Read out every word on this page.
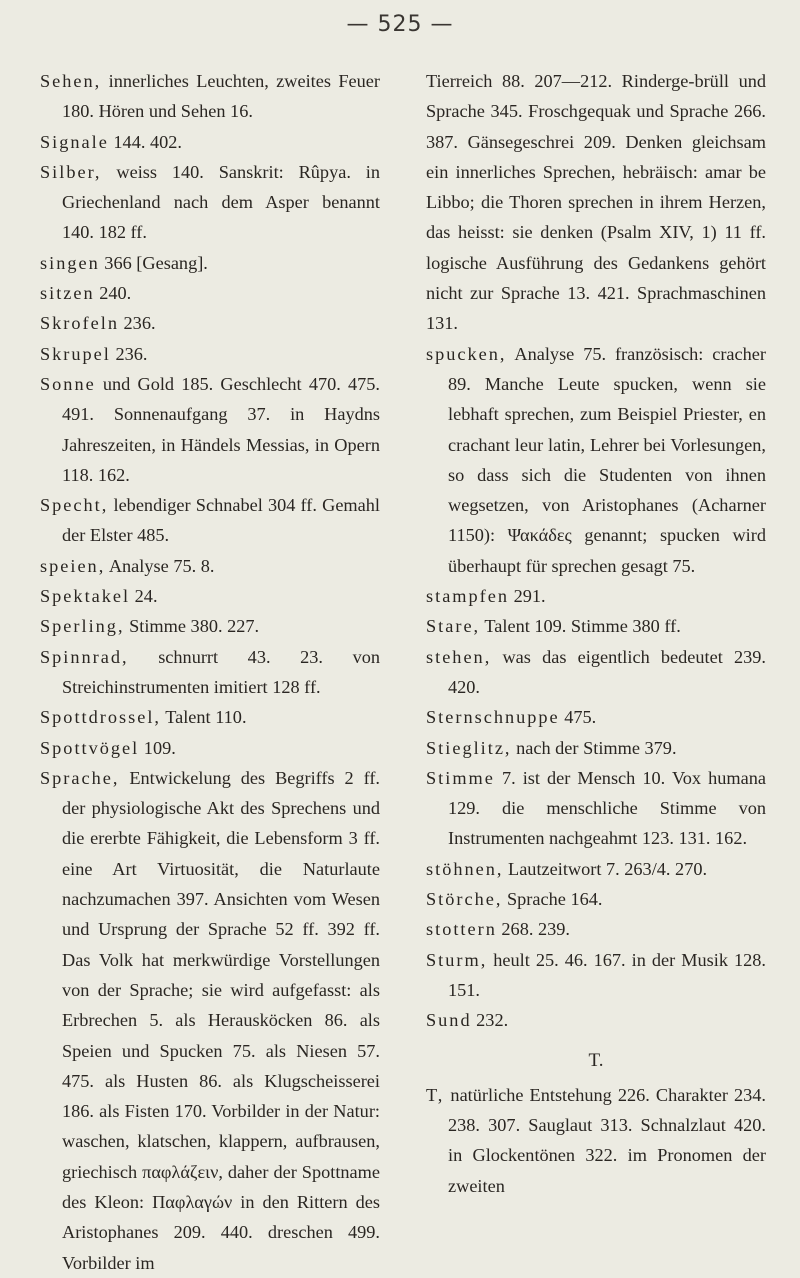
— 525 —

Sehen, innerliches Leuchten, zweites Feuer 180. Hören und Sehen 16.

Signale 144. 402.

Silber, weiss 140. Sanskrit: Rûpya. in Griechenland nach dem Asper benannt 140. 182 ff.

singen 366 [Gesang].

sitzen 240.

Skrofeln 236.

Skrupel 236.

Sonne und Gold 185. Geschlecht 470. 475. 491. Sonnenaufgang 37. in Haydns Jahreszeiten, in Händels Messias, in Opern 118. 162.

Specht, lebendiger Schnabel 304 ff. Gemahl der Elster 485.

speien, Analyse 75. 8.

Spektakel 24.

Sperling, Stimme 380. 227.

Spinnrad, schnurrt 43. 23. von Streichinstrumenten imitiert 128 ff.

Spottdrossel, Talent 110.

Spottvögel 109.

Sprache, Entwickelung des Begriffs 2 ff. der physiologische Akt des Sprechens und die ererbte Fähigkeit, die Lebensform 3 ff. eine Art Virtuosität, die Naturlaute nachzumachen 397. Ansichten vom Wesen und Ursprung der Sprache 52 ff. 392 ff. Das Volk hat merkwürdige Vorstellungen von der Sprache; sie wird aufgefasst: als Erbrechen 5. als Herausköcken 86. als Speien und Spucken 75. als Niesen 57. 475. als Husten 86. als Klugscheisserei 186. als Fisten 170. Vorbilder in der Natur: waschen, klatschen, klappern, aufbrausen, griechisch παφλάζειν, daher der Spottname des Kleon: Παφλαγών in den Rittern des Aristophanes 209. 440. dreschen 499. Vorbilder im

Tierreich 88. 207—212. Rinderge-brüll und Sprache 345. Froschgequak und Sprache 266. 387. Gänsegeschrei 209. Denken gleichsam ein innerliches Sprechen, hebräisch: amar be Libbo; die Thoren sprechen in ihrem Herzen, das heisst: sie denken (Psalm XIV, 1) 11 ff. logische Ausführung des Gedankens gehört nicht zur Sprache 13. 421. Sprachmaschinen 131.

spucken, Analyse 75. französisch: cracher 89. Manche Leute spucken, wenn sie lebhaft sprechen, zum Beispiel Priester, en crachant leur latin, Lehrer bei Vorlesungen, so dass sich die Studenten von ihnen wegsetzen, von Aristophanes (Acharner 1150): Ψακάδες genannt; spucken wird überhaupt für sprechen gesagt 75.

stampfen 291.

Stare, Talent 109. Stimme 380 ff.

stehen, was das eigentlich bedeutet 239. 420.

Sternschnuppe 475.

Stieglitz, nach der Stimme 379.

Stimme 7. ist der Mensch 10. Vox humana 129. die menschliche Stimme von Instrumenten nachgeahmt 123. 131. 162.

stöhnen, Lautzeitwort 7. 263/4. 270.

Störche, Sprache 164.

stottern 268. 239.

Sturm, heult 25. 46. 167. in der Musik 128. 151.

Sund 232.

T.

T, natürliche Entstehung 226. Charakter 234. 238. 307. Sauglaut 313. Schnalzlaut 420. in Glockentönen 322. im Pronomen der zweiten
